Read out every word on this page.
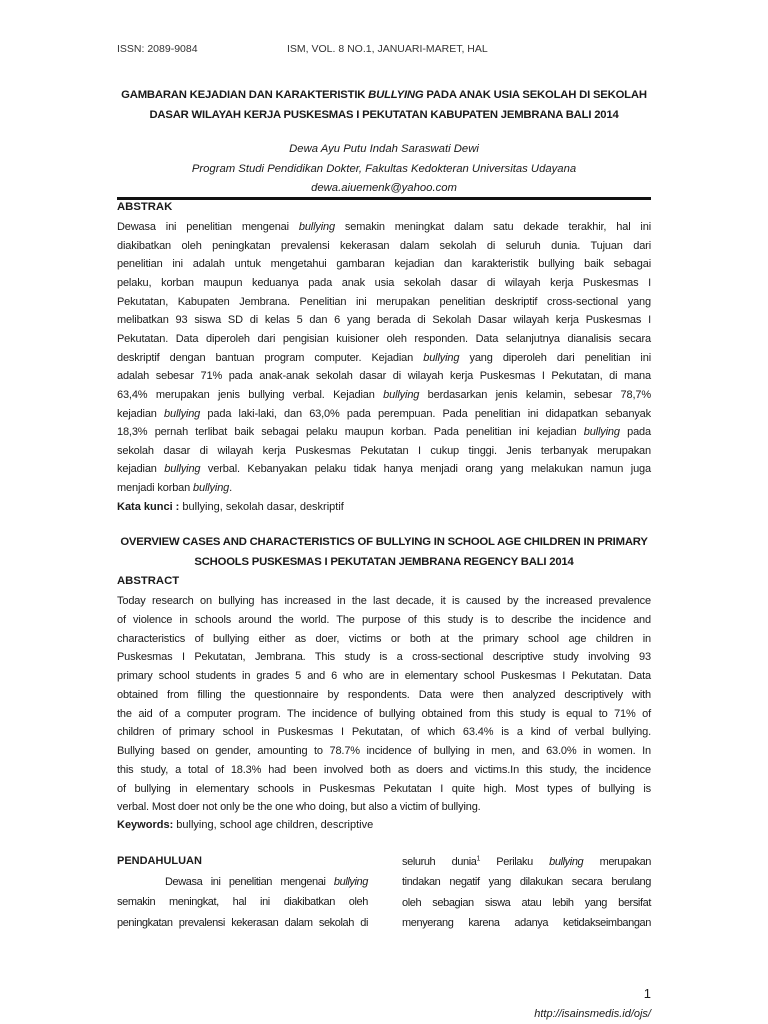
ISSN: 2089-9084	ISM, VOL. 8 NO.1, JANUARI-MARET, HAL
GAMBARAN KEJADIAN DAN KARAKTERISTIK BULLYING PADA ANAK USIA SEKOLAH DI SEKOLAH
DASAR WILAYAH KERJA PUSKESMAS I PEKUTATAN KABUPATEN JEMBRANA BALI 2014
Dewa Ayu Putu Indah Saraswati Dewi
Program Studi Pendidikan Dokter, Fakultas Kedokteran Universitas Udayana
dewa.aiuemenk@yahoo.com
ABSTRAK
Dewasa ini penelitian mengenai bullying semakin meningkat dalam satu dekade terakhir, hal ini
diakibatkan oleh peningkatan prevalensi kekerasan dalam sekolah di seluruh dunia. Tujuan dari
penelitian ini adalah untuk mengetahui gambaran kejadian dan karakteristik bullying baik sebagai
pelaku, korban maupun keduanya pada anak usia sekolah dasar di wilayah kerja Puskesmas I
Pekutatan, Kabupaten Jembrana. Penelitian ini merupakan penelitian deskriptif cross-sectional yang
melibatkan 93 siswa SD di kelas 5 dan 6 yang berada di Sekolah Dasar wilayah kerja Puskesmas I
Pekutatan. Data diperoleh dari pengisian kuisioner oleh responden. Data selanjutnya dianalisis secara
deskriptif dengan bantuan program computer. Kejadian bullying yang diperoleh dari penelitian ini
adalah sebesar 71% pada anak-anak sekolah dasar di wilayah kerja Puskesmas I Pekutatan, di mana
63,4% merupakan jenis bullying verbal. Kejadian bullying berdasarkan jenis kelamin, sebesar 78,7%
kejadian bullying pada laki-laki, dan 63,0% pada perempuan. Pada penelitian ini didapatkan sebanyak
18,3% pernah terlibat baik sebagai pelaku maupun korban. Pada penelitian ini kejadian bullying pada
sekolah dasar di wilayah kerja Puskesmas Pekutatan I cukup tinggi. Jenis terbanyak merupakan
kejadian bullying verbal. Kebanyakan pelaku tidak hanya menjadi orang yang melakukan namun juga
menjadi korban bullying.
Kata kunci : bullying, sekolah dasar, deskriptif
OVERVIEW CASES AND CHARACTERISTICS OF BULLYING IN SCHOOL AGE CHILDREN IN PRIMARY
SCHOOLS PUSKESMAS I PEKUTATAN JEMBRANA REGENCY BALI 2014
ABSTRACT
Today research on bullying has increased in the last decade, it is caused by the increased prevalence
of violence in schools around the world. The purpose of this study is to describe the incidence and
characteristics of bullying either as doer, victims or both at the primary school age children in
Puskesmas I Pekutatan, Jembrana. This study is a cross-sectional descriptive study involving 93
primary school students in grades 5 and 6 who are in elementary school Puskesmas I Pekutatan. Data
obtained from filling the questionnaire by respondents. Data were then analyzed descriptively with
the aid of a computer program. The incidence of bullying obtained from this study is equal to 71% of
children of primary school in Puskesmas I Pekutatan, of which 63.4% is a kind of verbal bullying.
Bullying based on gender, amounting to 78.7% incidence of bullying in men, and 63.0% in women. In
this study, a total of 18.3% had been involved both as doers and victims.In this study, the incidence
of bullying in elementary schools in Puskesmas Pekutatan I quite high. Most types of bullying is
verbal. Most doer not only be the one who doing, but also a victim of bullying.
Keywords: bullying, school age children, descriptive
PENDAHULUAN
Dewasa ini penelitian mengenai bullying
semakin meningkat, hal ini diakibatkan oleh
peningkatan prevalensi kekerasan dalam sekolah di
seluruh dunia$^1$ Perilaku bullying merupakan
tindakan negatif yang dilakukan secara berulang
oleh sebagian siswa atau lebih yang bersifat
menyerang karena adanya ketidakseimbangan
1
http://isainsmedis.id/ojs/
